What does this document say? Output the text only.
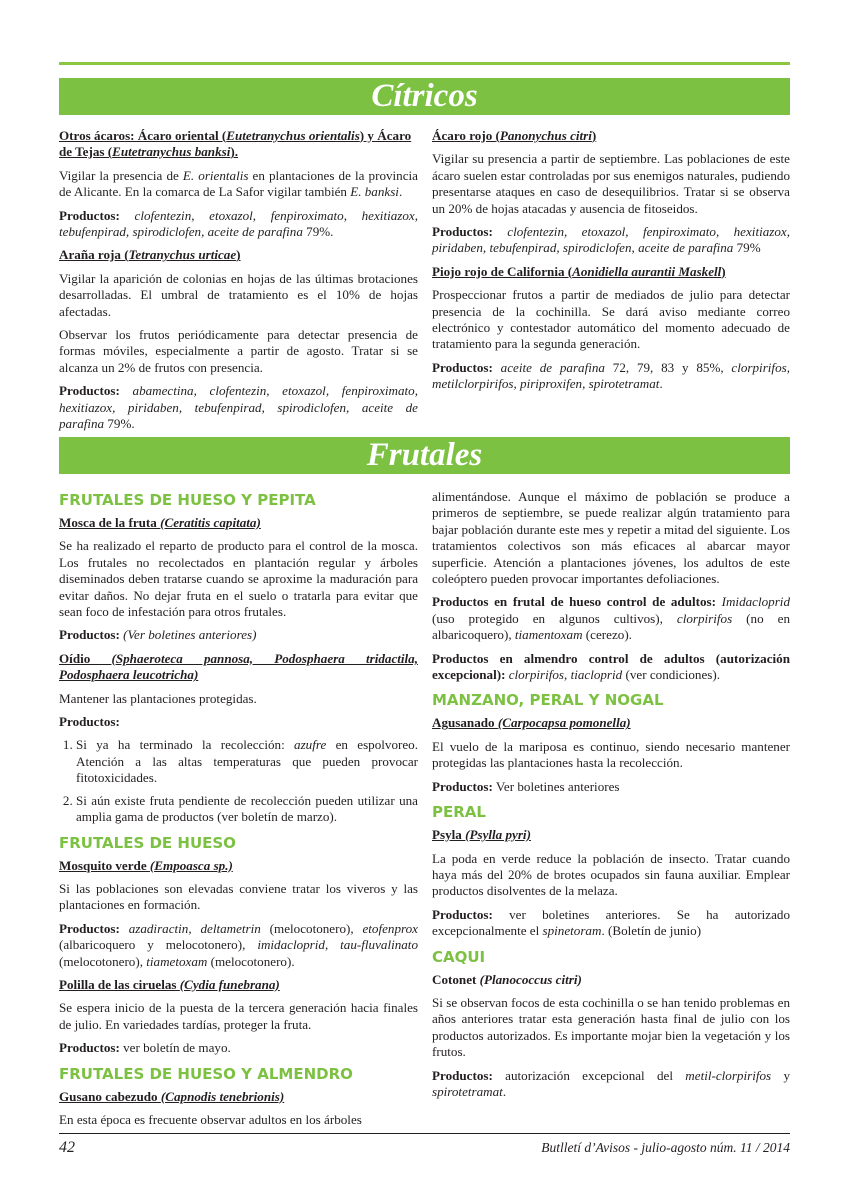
Cítricos

Otros ácaros: Ácaro oriental (Eutetranychus orientalis) y Ácaro de Tejas (Eutetranychus banksi).

Vigilar la presencia de E. orientalis en plantaciones de la provincia de Alicante. En la comarca de La Safor vigilar también E. banksi.

Productos: clofentezin, etoxazol, fenpiroximato, hexitiazox, tebufenpirad, spirodiclofen, aceite de parafina 79%.

Araña roja (Tetranychus urticae)

Vigilar la aparición de colonias en hojas de las últimas brotaciones desarrolladas. El umbral de tratamiento es el 10% de hojas afectadas.

Observar los frutos periódicamente para detectar presencia de formas móviles, especialmente a partir de agosto. Tratar si se alcanza un 2% de frutos con presencia.

Productos: abamectina, clofentezin, etoxazol, fenpiroximato, hexitiazox, piridaben, tebufenpirad, spirodiclofen, aceite de parafina 79%.

Ácaro rojo (Panonychus citri)

Vigilar su presencia a partir de septiembre. Las poblaciones de este ácaro suelen estar controladas por sus enemigos naturales, pudiendo presentarse ataques en caso de desequilibrios. Tratar si se observa un 20% de hojas atacadas y ausencia de fitoseidos.

Productos: clofentezin, etoxazol, fenpiroximato, hexitiazox, piridaben, tebufenpirad, spirodiclofen, aceite de parafina 79%

Piojo rojo de California (Aonidiella aurantii Maskell)

Prospeccionar frutos a partir de mediados de julio para detectar presencia de la cochinilla. Se dará aviso mediante correo electrónico y contestador automático del momento adecuado de tratamiento para la segunda generación.

Productos: aceite de parafina 72, 79, 83 y 85%, clorpirifos, metilclorpirifos, piriproxifen, spirotetramat.

Frutales
FRUTALES DE HUESO Y PEPITA

Mosca de la fruta (Ceratitis capitata)

Se ha realizado el reparto de producto para el control de la mosca. Los frutales no recolectados en plantación regular y árboles diseminados deben tratarse cuando se aproxime la maduración para evitar daños. No dejar fruta en el suelo o tratarla para evitar que sean foco de infestación para otros frutales.

Productos: (Ver boletines anteriores)

Oídio (Sphaeroteca pannosa, Podosphaera tridactila, Podosphaera leucotricha)

Mantener las plantaciones protegidas.

Productos:

1. Si ya ha terminado la recolección: azufre en espolvoreo. Atención a las altas temperaturas que pueden provocar fitotoxicidades.
2. Si aún existe fruta pendiente de recolección pueden utilizar una amplia gama de productos (ver boletín de marzo).
FRUTALES DE HUESO

Mosquito verde (Empoasca sp.)

Si las poblaciones son elevadas conviene tratar los viveros y las plantaciones en formación.

Productos: azadiractin, deltametrin (melocotonero), etofenprox (albaricoquero y melocotonero), imidacloprid, tau-fluvalinato (melocotonero), tiametoxam (melocotonero).

Polilla de las ciruelas (Cydia funebrana)

Se espera inicio de la puesta de la tercera generación hacia finales de julio. En variedades tardías, proteger la fruta.

Productos: ver boletín de mayo.

FRUTALES DE HUESO Y ALMENDRO

Gusano cabezudo (Capnodis tenebrionis)

En esta época es frecuente observar adultos en los árboles

alimentándose. Aunque el máximo de población se produce a primeros de septiembre, se puede realizar algún tratamiento para bajar población durante este mes y repetir a mitad del siguiente. Los tratamientos colectivos son más eficaces al abarcar mayor superficie. Atención a plantaciones jóvenes, los adultos de este coleóptero pueden provocar importantes defoliaciones.

Productos en frutal de hueso control de adultos: Imidacloprid (uso protegido en algunos cultivos), clorpirifos (no en albaricoquero), tiamentoxam (cerezo).

Productos en almendro control de adultos (autorización excepcional): clorpirifos, tiacloprid (ver condiciones).

MANZANO, PERAL Y NOGAL

Agusanado (Carpocapsa pomonella)

El vuelo de la mariposa es continuo, siendo necesario mantener protegidas las plantaciones hasta la recolección.

Productos: Ver boletines anteriores

PERAL

Psyla (Psylla pyri)

La poda en verde reduce la población de insecto. Tratar cuando haya más del 20% de brotes ocupados sin fauna auxiliar. Emplear productos disolventes de la melaza.

Productos: ver boletines anteriores. Se ha autorizado excepcionalmente el spinetoram. (Boletín de junio)

CAQUI

Cotonet (Planococcus citri)

Si se observan focos de esta cochinilla o se han tenido problemas en años anteriores tratar esta generación hasta final de julio con los productos autorizados. Es importante mojar bien la vegetación y los frutos.

Productos: autorización excepcional del metil-clorpirifos y spirotetramat.

42	Butlletí d’Avisos - julio-agosto núm. 11 / 2014
